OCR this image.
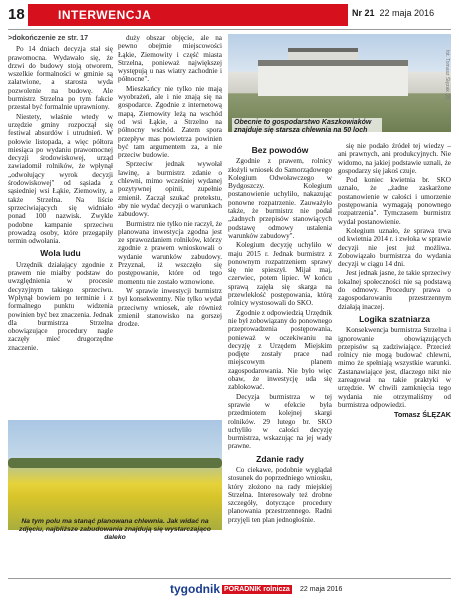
18	INTERWENCJA	Nr 21 22 maja 2016

>dokończenie ze str. 17

Po 14 dniach decyzja stał się prawomocna. Wydawało się, że drzwi do budowy stoją otworem, wszelkie formalności w gminie są załatwione, a starosta wyda pozwolenie na budowę. Ale burmistrz Strzelna po tym fakcie przestał być formalnie uprawniony.

Niestety, właśnie wtedy w urzędzie gminy rozpoczął się festiwal absurdów i utrudnień. W połowie listopada, a więc półtora miesiąca po wydaniu prawomocnej decyzji środowiskowej, urząd zawiadomił rolników, że wpłynął „odwołujący wyrok decyzji środowiskowej" od sąsiada z sąsiedniej wsi Łąkie, Ziemowity, a także Strzelna. Na liście sprzeciwiających się widniało ponad 100 nazwisk. Zwykle podobne kampanie sprzeciwu prowadzą osoby, które przegapiły termin odwołania.

Wola ludu

Urzędnik działający zgodnie z prawem nie miałby podstaw do uwzględnienia w procesie decyzyjnym takiego sprzeciwu. Wpłynął bowiem po terminie i z formalnego punktu widzenia powinien być bez znaczenia. Jednak dla burmistrza Strzelna obowiązujące procedury nagle zaczęły mieć drugorzędne znaczenie.

duży obszar objęcie, ale na pewno obejmie miejscowości Łąkie, Ziemowity i część miasta Strzelna, ponieważ największej występują u nas wiatry zachodnie i północne".

Mieszkańcy nie tylko nie mają wyobrażeń, ale i nie znają się na gospodarce. Zgodnie z internetową mapą, Ziemowity leżą na wschód od wsi Łąkie, a Strzelno na północny wschód. Zatem spora przepływ mas powietrza powinien być tam argumentem za, a nie przeciw budowie.

Sprzeciw jednak wywołał lawinę, a burmistrz zdanie o chlewni, mimo wcześniej wydanej pozytywnej opinii, zupełnie zmienił. Zaczął szukać pretekstu, aby nie wydać decyzji o warunkach zabudowy.

Burmistrz nie tylko nie raczył, że planowana inwestycja zgodna jest ze sprawozdaniem rolników, którzy zgodnie z prawem wnioskowali o wydanie warunków zabudowy. Przyznał, iż wszczęło się postępowanie, które od tego momentu nie zostało wznowione.

W sprawie inwestycji burmistrz był konsekwentny. Nie tylko wydał przeciwny wniosek, ale również zmienił stanowisko na gorszej drodze.

Obecnie to gospodarstwo Kaszkowiaków znajduje się starsza chlewnia na 50 loch
fot. Tomasz Ślęzak (2)

Bez powodów

Zgodnie z prawem, rolnicy złożyli wniosek do Samorządowego Kolegium Odwoławczego w Bydgoszczy. Kolegium postanowienie uchyliło, nakazując ponowne rozpatrzenie. Zauważyło także, że burmistrz nie podał „żadnych przepisów stanowiących podstawę odmowy ustalenia warunków zabudowy".

Kolegium decyzję uchyliło w maju 2015 r. Jednak burmistrz z ponownym rozpatrzeniem sprawy się nie spieszył. Mijał maj, czerwiec, potem lipiec. W końcu sprawą zajęła się skarga na przewlekłość postępowania, którą rolnicy wystosowali do SKO.

Zgodnie z odpowiedzią Urzędnik nie był zobowiązany do ponownego przeprowadzenia postępowania, ponieważ w oczekiwaniu na decyzję z Urzędem Miejskim podjęte zostały prace nad miejscowym planem zagospodarowania. Nie było więc obaw, że inwestycję uda się zablokować.

Decyzja burmistrza w tej sprawie w efekcie była przedmiotem kolejnej skargi rolników. 29 lutego br. SKO uchyliło w całości decyzję burmistrza, wskazując na jej wady prawne.

Zdanie rady

Co ciekawe, podobnie wyglądał stosunek do poprzedniego wniosku, który złożono na rady miejskiej Strzelna. Interesowały też drobne szczegóły, dotyczące procedury planowania przestrzennego. Radni przyjęli ten plan jednogłośnie.

się nie podało źródeł tej wiedzy – ani prawnych, ani produkcyjnych. Nie widomo, na jakiej podstawie uznali, że gospodarzy się jakoś czuje.

Pod koniec kwietnia br. SKO uznało, że „żadne zaskarżone postanowienie w całości i umorzenie postępowania wymagają ponownego rozpatrzenia". Tymczasem burmistrz wydał postanowienie.

Kolegium uznało, że sprawa trwa od kwietnia 2014 r. i zwłoka w sprawie decyzji nie jest już możliwa. Zobowiązało burmistrza do wydania decyzji w ciągu 14 dni.

Jest jednak jasne, że takie sprzeciwy lokalnej społeczności nie są podstawą do odmowy. Procedury prawa o zagospodarowaniu przestrzennym działają inaczej.

Logika szatniarza

Konsekwencja burmistrza Strzelna i ignorowanie obowiązujących przepisów są zadziwiające. Przecież rolnicy nie mogą budować chlewni, mimo że spełniają wszystkie warunki. Zastanawiające jest, dlaczego nikt nie zareagował na takie praktyki w urzędzie. W chwili zamknięcia tego wydania nie otrzymaliśmy od burmistrza odpowiedzi.

Tomasz ŚLĘZAK

Na tym polu ma stanąć planowana chlewnia. Jak widać na zdjęciu, najbliższe zabudowania znajdują się wystarczająco daleko
tygodnik PORADNIK rolnicza 22 maja 2016
